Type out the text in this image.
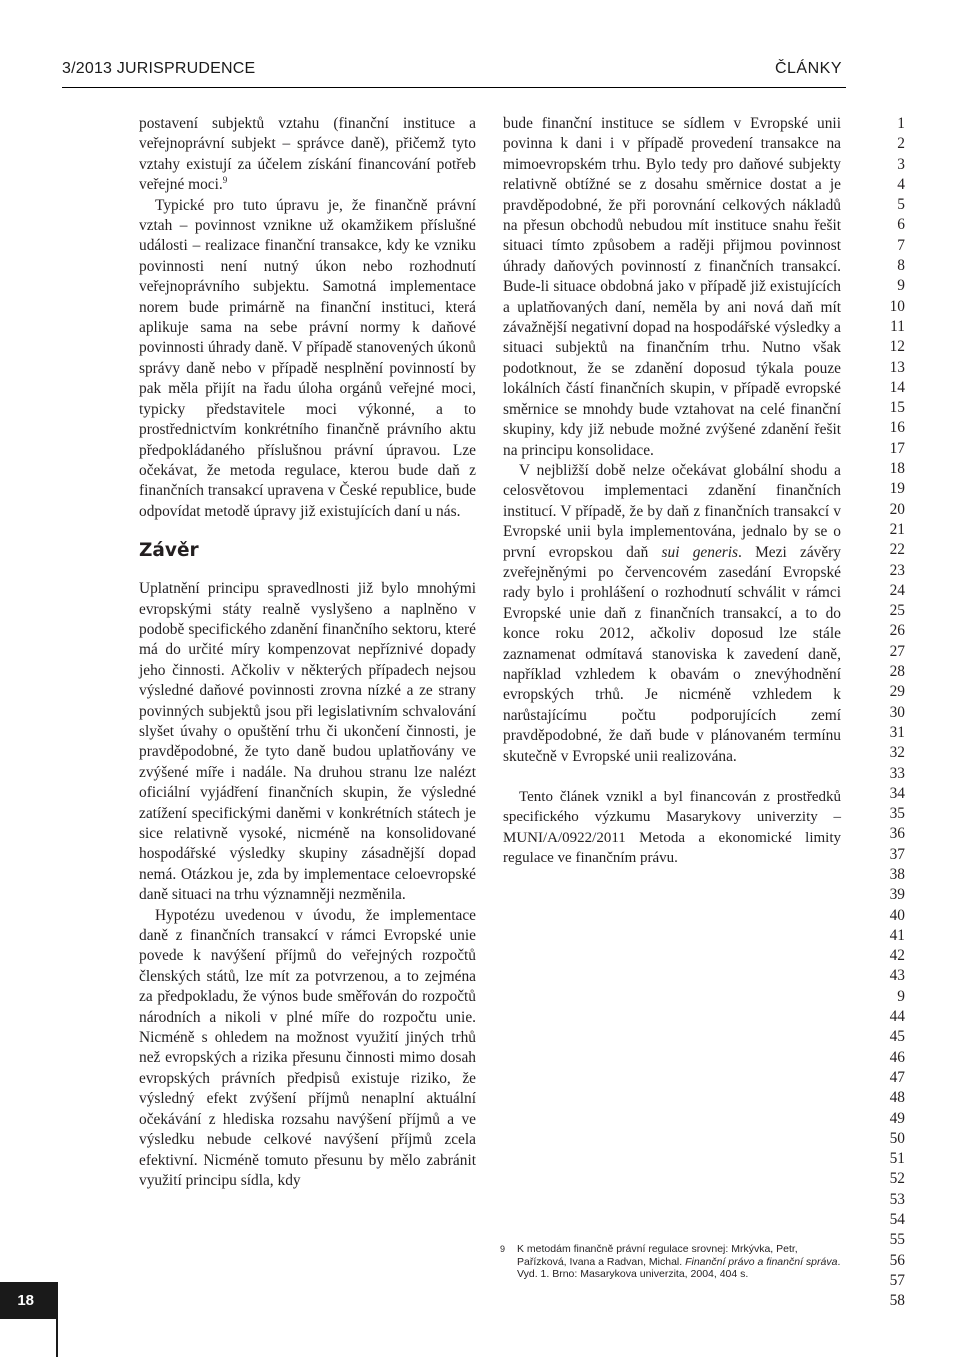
3/2013 JURISPRUDENCE	ČLÁNKY

postavení subjektů vztahu (finanční instituce a veřejnoprávní subjekt – správce daně), přičemž tyto vztahy existují za účelem získání financování potřeb veřejné moci.$^9$

Typické pro tuto úpravu je, že finančně právní vztah – povinnost vznikne už okamžikem příslušné události – realizace finanční transakce, kdy ke vzniku povinnosti není nutný úkon nebo rozhodnutí veřejnoprávního subjektu. Samotná implementace norem bude primárně na finanční instituci, která aplikuje sama na sebe právní normy k daňové povinnosti úhrady daně. V případě stanovených úkonů správy daně nebo v případě nesplnění povinností by pak měla přijít na řadu úloha orgánů veřejné moci, typicky představitele moci výkonné, a to prostřednictvím konkrétního finančně právního aktu předpokládaného příslušnou právní úpravou. Lze očekávat, že metoda regulace, kterou bude daň z finančních transakcí upravena v České republice, bude odpovídat metodě úpravy již existujících daní u nás.

Závěr

Uplatnění principu spravedlnosti již bylo mnohými evropskými státy realně vyslyšeno a naplněno v podobě specifického zdanění finančního sektoru, které má do určité míry kompenzovat nepříznivé dopady jeho činnosti. Ačkoliv v některých případech nejsou výsledné daňové povinnosti zrovna nízké a ze strany povinných subjektů jsou při legislativním schvalování slyšet úvahy o opuštění trhu či ukončení činnosti, je pravděpodobné, že tyto daně budou uplatňovány ve zvýšené míře i nadále. Na druhou stranu lze nalézt oficiální vyjádření finančních skupin, že výsledné zatížení specifickými daněmi v konkrétních státech je sice relativně vysoké, nicméně na konsolidované hospodářské výsledky skupiny zásadnější dopad nemá. Otázkou je, zda by implementace celoevropské daně situaci na trhu významněji nezměnila.

Hypotézu uvedenou v úvodu, že implementace daně z finančních transakcí v rámci Evropské unie povede k navýšení příjmů do veřejných rozpočtů členských států, lze mít za potvrzenou, a to zejména za předpokladu, že výnos bude směřován do rozpočtů národních a nikoli v plné míře do rozpočtu unie. Nicméně s ohledem na možnost využití jiných trhů než evropských a rizika přesunu činnosti mimo dosah evropských právních předpisů existuje riziko, že výsledný efekt zvýšení příjmů nenaplní aktuální očekávání z hlediska rozsahu navýšení příjmů a ve výsledku nebude celkové navýšení příjmů zcela efektivní. Nicméně tomuto přesunu by mělo zabránit využití principu sídla, kdy

bude finanční instituce se sídlem v Evropské unii povinna k dani i v případě provedení transakce na mimoevropském trhu. Bylo tedy pro daňové subjekty relativně obtížné se z dosahu směrnice dostat a je pravděpodobné, že při porovnání celkových nákladů na přesun obchodů nebudou mít instituce snahu řešit situaci tímto způsobem a raději přijmou povinnost úhrady daňových povinností z finančních transakcí. Bude-li situace obdobná jako v případě již existujících a uplatňovaných daní, neměla by ani nová daň mít závažnější negativní dopad na hospodářské výsledky a situaci subjektů na finančním trhu. Nutno však podotknout, že se zdanění doposud týkala pouze lokálních částí finančních skupin, v případě evropské směrnice se mnohdy bude vztahovat na celé finanční skupiny, kdy již nebude možné zvýšené zdanění řešit na principu konsolidace.

V nejbližší době nelze očekávat globální shodu a celosvětovou implementaci zdanění finančních institucí. V případě, že by daň z finančních transakcí v Evropské unii byla implementována, jednalo by se o první evropskou daň sui generis. Mezi závěry zveřejněnými po červencovém zasedání Evropské rady bylo i prohlášení o rozhodnutí schválit v rámci Evropské unie daň z finančních transakcí, a to do konce roku 2012, ačkoliv doposud lze stále zaznamenat odmítavá stanoviska k zavedení daně, například vzhledem k obavám o znevýhodnění evropských trhů. Je nicméně vzhledem k narůstajícímu počtu podporujících zemí pravděpodobné, že daň bude v plánovaném termínu skutečně v Evropské unii realizována.

Tento článek vznikl a byl financován z prostředků specifického výzkumu Masarykovy univerzity – MUNI/A/0922/2011 Metoda a ekonomické limity regulace ve finančním právu.

9 K metodám finančně právní regulace srovnej: Mrkývka, Petr, Pařízková, Ivana a Radvan, Michal. Finanční právo a finanční správa. Vyd. 1. Brno: Masarykova univerzita, 2004, 404 s.
1
2
3
4
5
6
7
8
9
10
11
12
13
14
15
16
17
18
19
20
21
22
23
24
25
26
27
28
29
30
31
32
33
34
35
36
37
38
39
40
41
42
43
9
44
45
46
47
48
49
50
51
52
53
54
55
56
57
58
18
